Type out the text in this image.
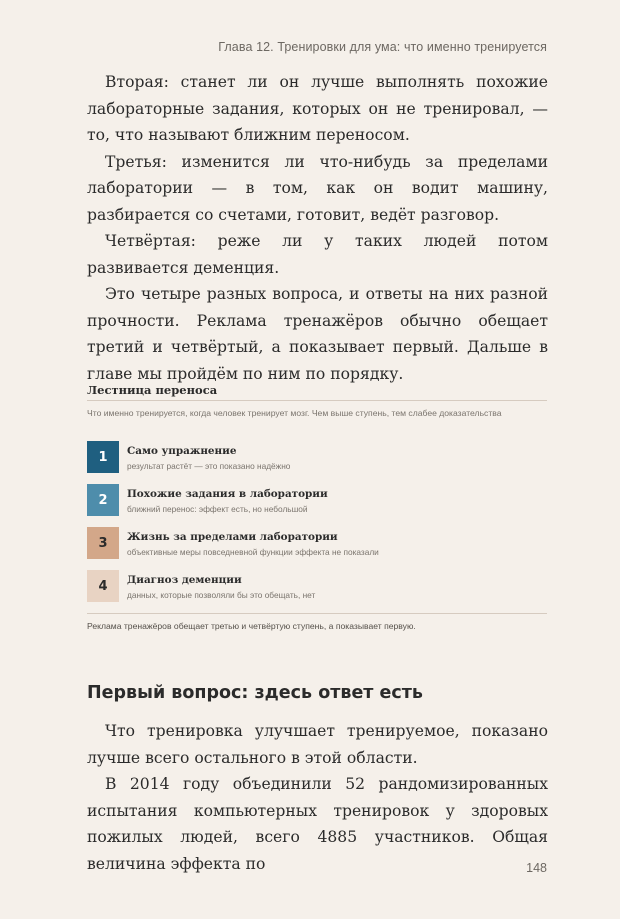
Глава 12. Тренировки для ума: что именно тренируется

Вторая: станет ли он лучше выполнять похожие лабораторные задания, которых он не тренировал, — то, что называют ближним переносом.

Третья: изменится ли что-нибудь за пределами лаборатории — в том, как он водит машину, разбирается со счетами, готовит, ведёт разговор.

Четвёртая: реже ли у таких людей потом развивается деменция.

Это четыре разных вопроса, и ответы на них разной прочности. Реклама тренажёров обычно обещает третий и четвёртый, а показывает первый. Дальше в главе мы пройдём по ним по порядку.

Лестница переноса
Что именно тренируется, когда человек тренирует мозг. Чем выше ступень, тем слабее доказательства
1	Само упражнение
результат растёт — это показано надёжно
2	Похожие задания в лаборатории
ближний перенос: эффект есть, но небольшой
3	Жизнь за пределами лаборатории
объективные меры повседневной функции эффекта не показали
4	Диагноз деменции
данных, которые позволяли бы это обещать, нет
Реклама тренажёров обещает третью и четвёртую ступень, а показывает первую.
Первый вопрос: здесь ответ есть

Что тренировка улучшает тренируемое, показано лучше всего остального в этой области.

В 2014 году объединили 52 рандомизированных испытания компьютерных тренировок у здоровых пожилых людей, всего 4885 участников. Общая величина эффекта по	148
